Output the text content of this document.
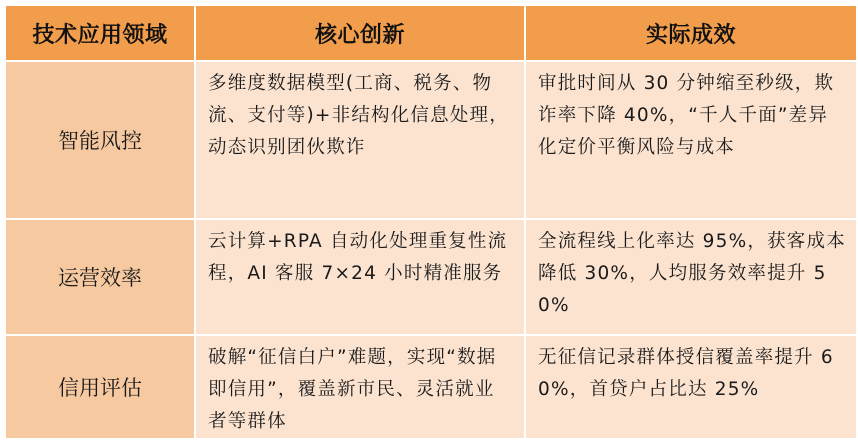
技术应用领域	核心创新	实际成效
智能风控	多维度数据模型(工商、税务、物流、支付等)+非结构化信息处理，动态识别团伙欺诈	审批时间从 30 分钟缩至秒级，欺诈率下降 40%，“千人千面”差异化定价平衡风险与成本

运营效率	云计算+RPA 自动化处理重复性流程，AI 客服 7×24 小时精准服务	全流程线上化率达 95%，获客成本降低 30%，人均服务效率提升 50%

信用评估	破解“征信白户”难题，实现“数据即信用”，覆盖新市民、灵活就业者等群体	无征信记录群体授信覆盖率提升 60%，首贷户占比达 25%
